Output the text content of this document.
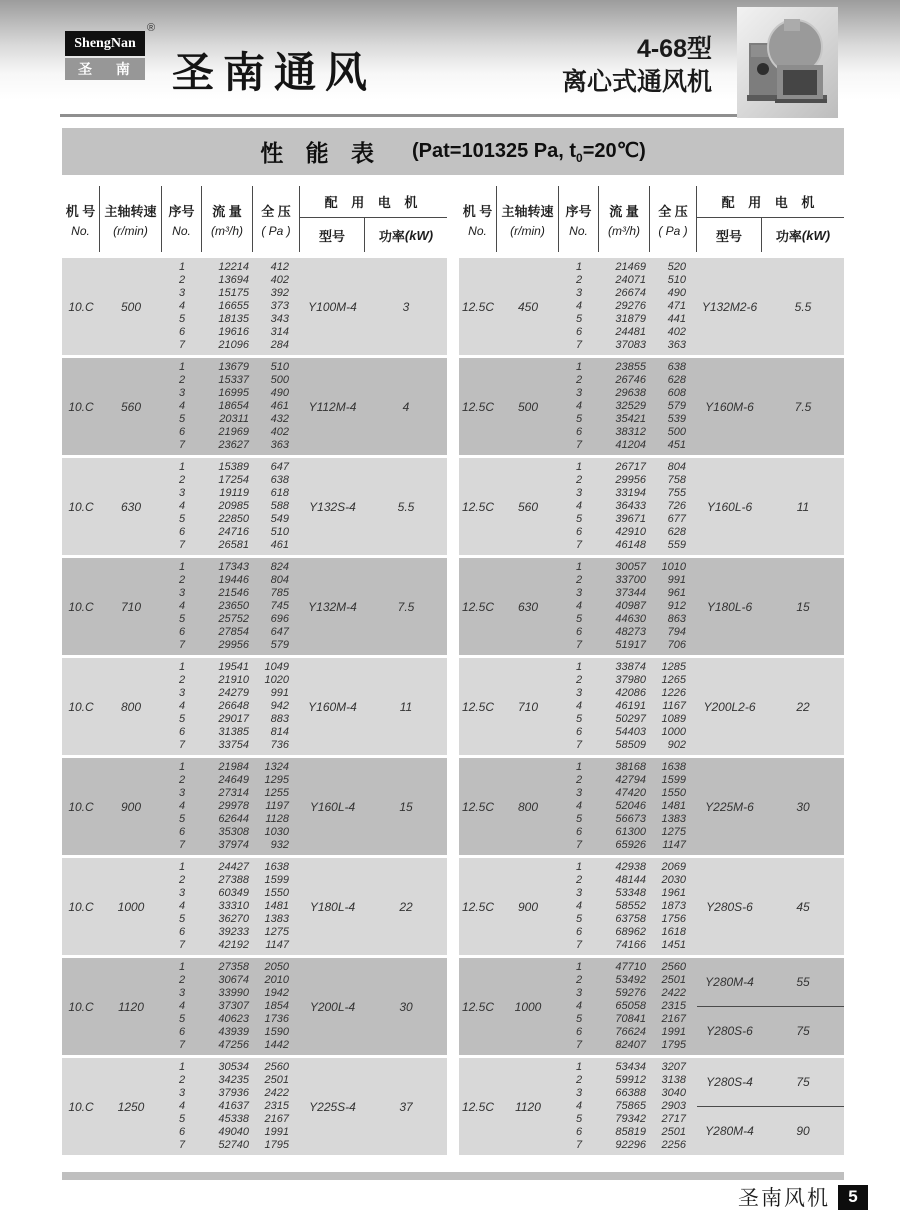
ShengNan
圣 南
®
圣南通风	4-68型
离心式通风机
性 能 表 (Pat=101325 Pa, $t_0=20℃$)
机 号
No.
主轴转速
(r/min)
序号
No.
流 量
(m³/h)
全 压
( Pa )
配 用 电 机
型号	功率 (kW)
10.C	500
1	12214	412
2	13694	402
3	15175	392
4	16655	373
5	18135	343
6	19616	314
7	21096	284
Y100M-4	3
10.C	560
1	13679	510
2	15337	500
3	16995	490
4	18654	461
5	20311	432
6	21969	402
7	23627	363
Y112M-4	4
10.C	630
1	15389	647
2	17254	638
3	19119	618
4	20985	588
5	22850	549
6	24716	510
7	26581	461
Y132S-4	5.5
10.C	710
1	17343	824
2	19446	804
3	21546	785
4	23650	745
5	25752	696
6	27854	647
7	29956	579
Y132M-4	7.5
10.C	800
1	19541	1049
2	21910	1020
3	24279	991
4	26648	942
5	29017	883
6	31385	814
7	33754	736
Y160M-4	11
10.C	900
1	21984	1324
2	24649	1295
3	27314	1255
4	29978	1197
5	62644	1128
6	35308	1030
7	37974	932
Y160L-4	15
10.C	1000
1	24427	1638
2	27388	1599
3	60349	1550
4	33310	1481
5	36270	1383
6	39233	1275
7	42192	1147
Y180L-4	22
10.C	1120
1	27358	2050
2	30674	2010
3	33990	1942
4	37307	1854
5	40623	1736
6	43939	1590
7	47256	1442
Y200L-4	30
10.C	1250
1	30534	2560
2	34235	2501
3	37936	2422
4	41637	2315
5	45338	2167
6	49040	1991
7	52740	1795
Y225S-4	37
机 号
No.
主轴转速
(r/min)
序号
No.
流 量
(m³/h)
全 压
( Pa )
配 用 电 机
型号	功率 (kW)
12.5C	450
1	21469	520
2	24071	510
3	26674	490
4	29276	471
5	31879	441
6	24481	402
7	37083	363
Y132M2-6	5.5
12.5C	500
1	23855	638
2	26746	628
3	29638	608
4	32529	579
5	35421	539
6	38312	500
7	41204	451
Y160M-6	7.5
12.5C	560
1	26717	804
2	29956	758
3	33194	755
4	36433	726
5	39671	677
6	42910	628
7	46148	559
Y160L-6	11
12.5C	630
1	30057	1010
2	33700	991
3	37344	961
4	40987	912
5	44630	863
6	48273	794
7	51917	706
Y180L-6	15
12.5C	710
1	33874	1285
2	37980	1265
3	42086	1226
4	46191	1167
5	50297	1089
6	54403	1000
7	58509	902
Y200L2-6	22
12.5C	800
1	38168	1638
2	42794	1599
3	47420	1550
4	52046	1481
5	56673	1383
6	61300	1275
7	65926	1147
Y225M-6	30
12.5C	900
1	42938	2069
2	48144	2030
3	53348	1961
4	58552	1873
5	63758	1756
6	68962	1618
7	74166	1451
Y280S-6	45
12.5C	1000
1	47710	2560
2	53492	2501
3	59276	2422
4	65058	2315
5	70841	2167
6	76624	1991
7	82407	1795
Y280M-4	55
Y280S-6	75
12.5C	1120
1	53434	3207
2	59912	3138
3	66388	3040
4	75865	2903
5	79342	2717
6	85819	2501
7	92296	2256
Y280S-4	75
Y280M-4	90
圣南风机	5
